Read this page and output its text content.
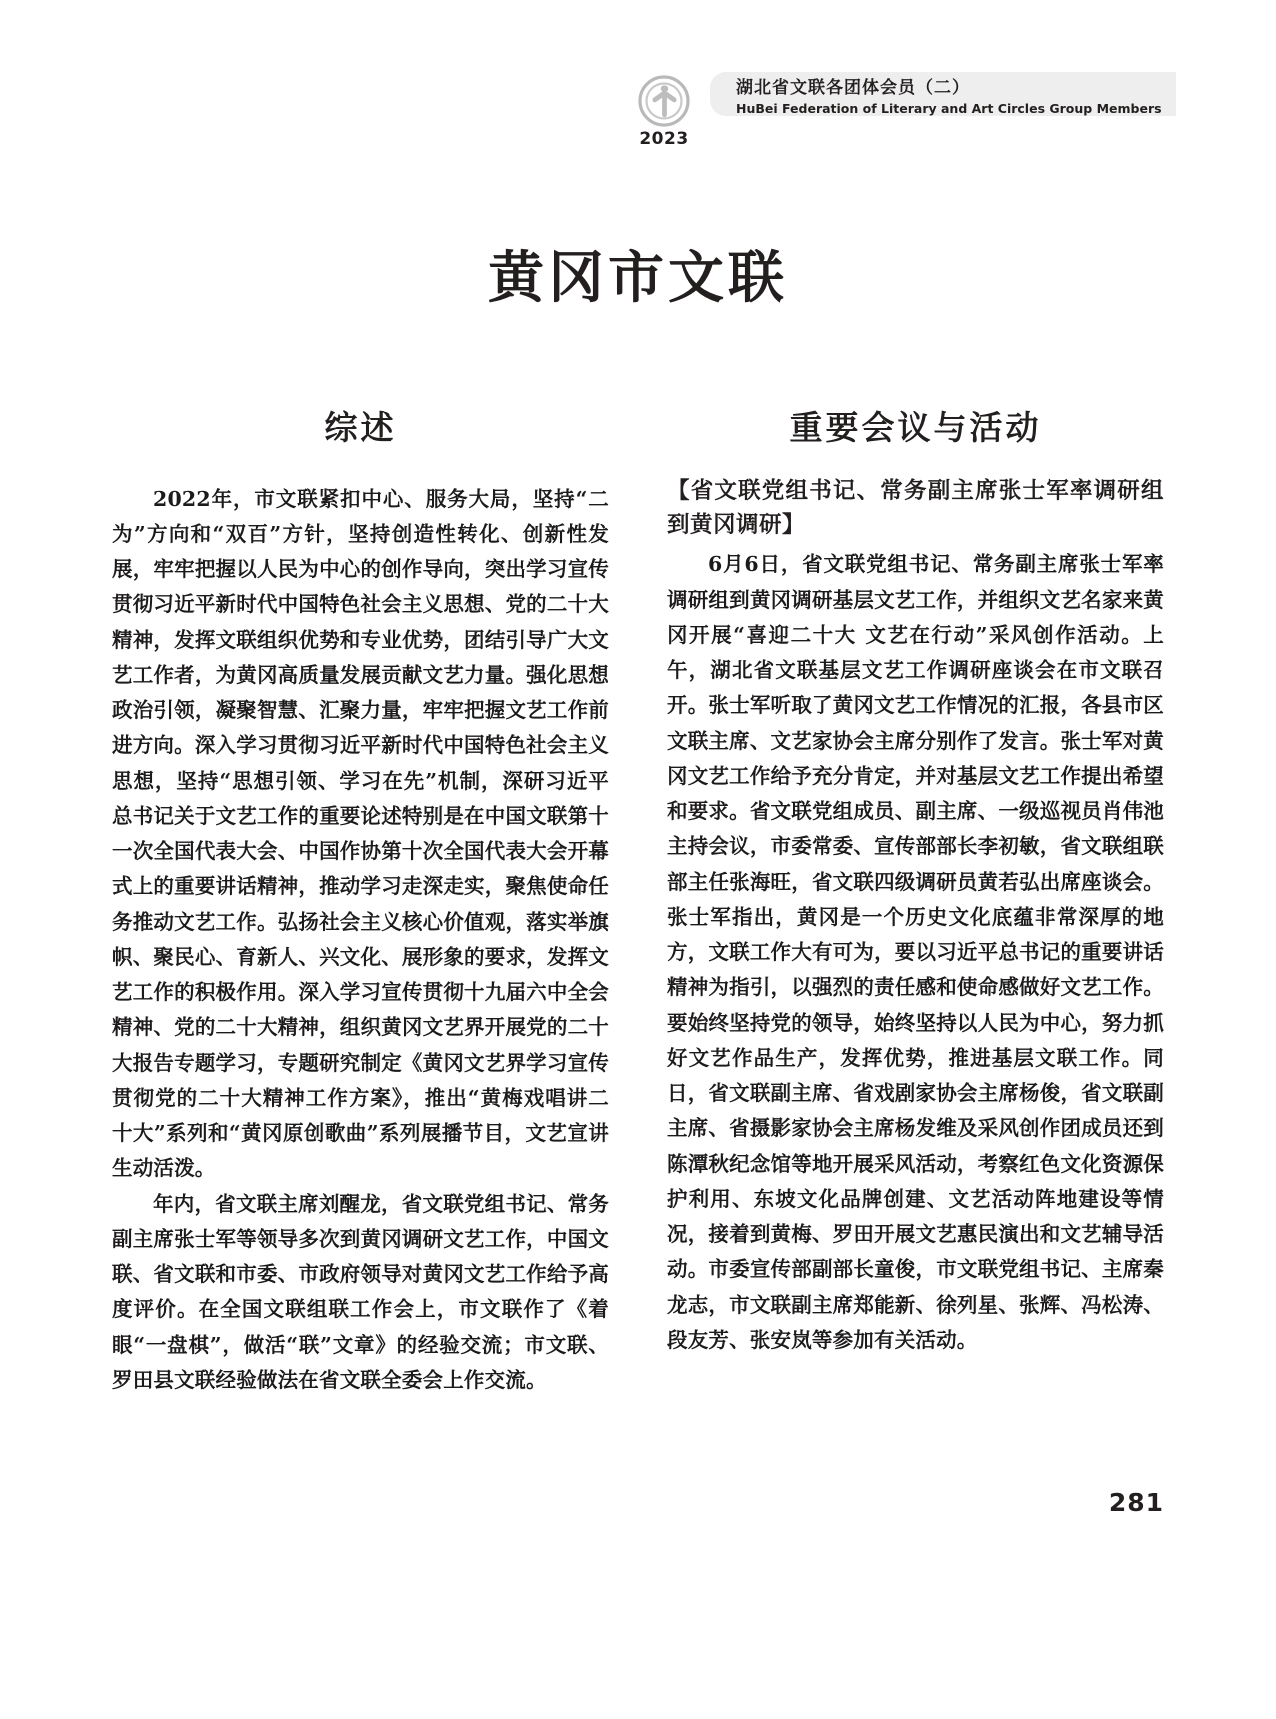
2023
湖北省文联各团体会员（二）
HuBei Federation of Literary and Art Circles Group Members
黄冈市文联
综述

2022年，市文联紧扣中心、服务大局，坚持“二为”方向和“双百”方针，坚持创造性转化、创新性发展，牢牢把握以人民为中心的创作导向，突出学习宣传贯彻习近平新时代中国特色社会主义思想、党的二十大精神，发挥文联组织优势和专业优势，团结引导广大文艺工作者，为黄冈高质量发展贡献文艺力量。强化思想政治引领，凝聚智慧、汇聚力量，牢牢把握文艺工作前进方向。深入学习贯彻习近平新时代中国特色社会主义思想，坚持“思想引领、学习在先”机制，深研习近平总书记关于文艺工作的重要论述特别是在中国文联第十一次全国代表大会、中国作协第十次全国代表大会开幕式上的重要讲话精神，推动学习走深走实，聚焦使命任务推动文艺工作。弘扬社会主义核心价值观，落实举旗帜、聚民心、育新人、兴文化、展形象的要求，发挥文艺工作的积极作用。深入学习宣传贯彻十九届六中全会精神、党的二十大精神，组织黄冈文艺界开展党的二十大报告专题学习，专题研究制定《黄冈文艺界学习宣传贯彻党的二十大精神工作方案》，推出“黄梅戏唱讲二十大”系列和“黄冈原创歌曲”系列展播节目，文艺宣讲生动活泼。

年内，省文联主席刘醒龙，省文联党组书记、常务副主席张士军等领导多次到黄冈调研文艺工作，中国文联、省文联和市委、市政府领导对黄冈文艺工作给予高度评价。在全国文联组联工作会上，市文联作了《着眼“一盘棋”，做活“联”文章》的经验交流；市文联、罗田县文联经验做法在省文联全委会上作交流。

重要会议与活动
【省文联党组书记、常务副主席张士军率调研组到黄冈调研】

6月6日，省文联党组书记、常务副主席张士军率调研组到黄冈调研基层文艺工作，并组织文艺名家来黄冈开展“喜迎二十大 文艺在行动”采风创作活动。上午，湖北省文联基层文艺工作调研座谈会在市文联召开。张士军听取了黄冈文艺工作情况的汇报，各县市区文联主席、文艺家协会主席分别作了发言。张士军对黄冈文艺工作给予充分肯定，并对基层文艺工作提出希望和要求。省文联党组成员、副主席、一级巡视员肖伟池主持会议，市委常委、宣传部部长李初敏，省文联组联部主任张海旺，省文联四级调研员黄若弘出席座谈会。张士军指出，黄冈是一个历史文化底蕴非常深厚的地方，文联工作大有可为，要以习近平总书记的重要讲话精神为指引，以强烈的责任感和使命感做好文艺工作。要始终坚持党的领导，始终坚持以人民为中心，努力抓好文艺作品生产，发挥优势，推进基层文联工作。同日，省文联副主席、省戏剧家协会主席杨俊，省文联副主席、省摄影家协会主席杨发维及采风创作团成员还到陈潭秋纪念馆等地开展采风活动，考察红色文化资源保护利用、东坡文化品牌创建、文艺活动阵地建设等情况，接着到黄梅、罗田开展文艺惠民演出和文艺辅导活动。市委宣传部副部长童俊，市文联党组书记、主席秦龙志，市文联副主席郑能新、徐列星、张辉、冯松涛、段友芳、张安岚等参加有关活动。

281
